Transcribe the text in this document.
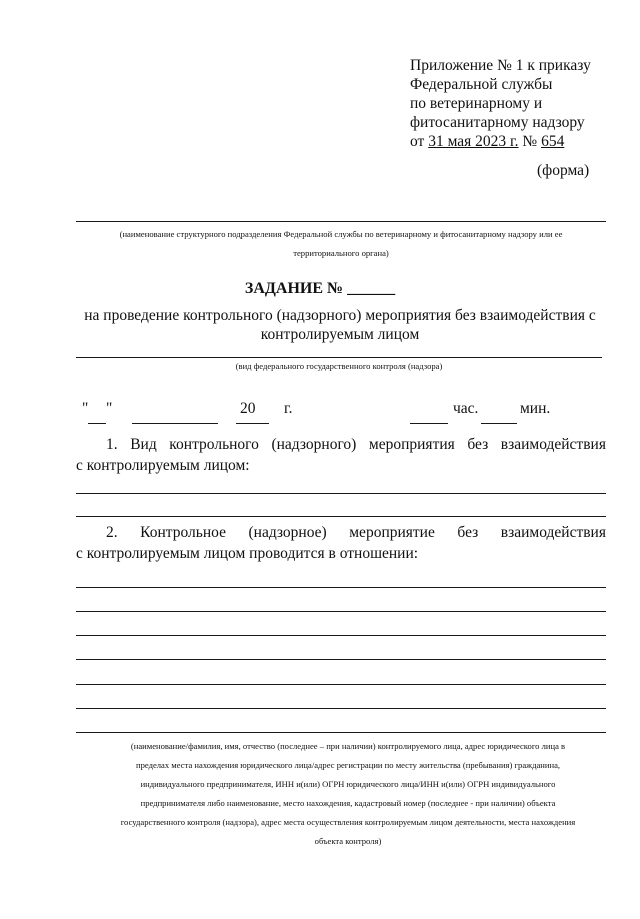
Приложение № 1 к приказу
Федеральной службы
по ветеринарному и
фитосанитарному надзору
от 31 мая 2023 г. № 654
(форма)
(наименование структурного подразделения Федеральной службы по ветеринарному и фитосанитарному надзору или ее
территориального органа)
ЗАДАНИЕ № ______
на проведение контрольного (надзорного) мероприятия без взаимодействия с
контролируемым лицом
(вид федерального государственного контроля (надзора)
" "	20 г.	час.	мин.
1. Вид контрольного (надзорного) мероприятия без взаимодействия
с контролируемым лицом:
2. Контрольное (надзорное) мероприятие без взаимодействия
с контролируемым лицом проводится в отношении:
(наименование/фамилия, имя, отчество (последнее – при наличии) контролируемого лица, адрес юридического лица в
пределах места нахождения юридического лица/адрес регистрации по месту жительства (пребывания) гражданина,
индивидуального предпринимателя, ИНН и(или) ОГРН юридического лица/ИНН и(или) ОГРН индивидуального
предпринимателя либо наименование, место нахождения, кадастровый номер (последнее - при наличии) объекта
государственного контроля (надзора), адрес места осуществления контролируемым лицом деятельности, места нахождения
объекта контроля)
